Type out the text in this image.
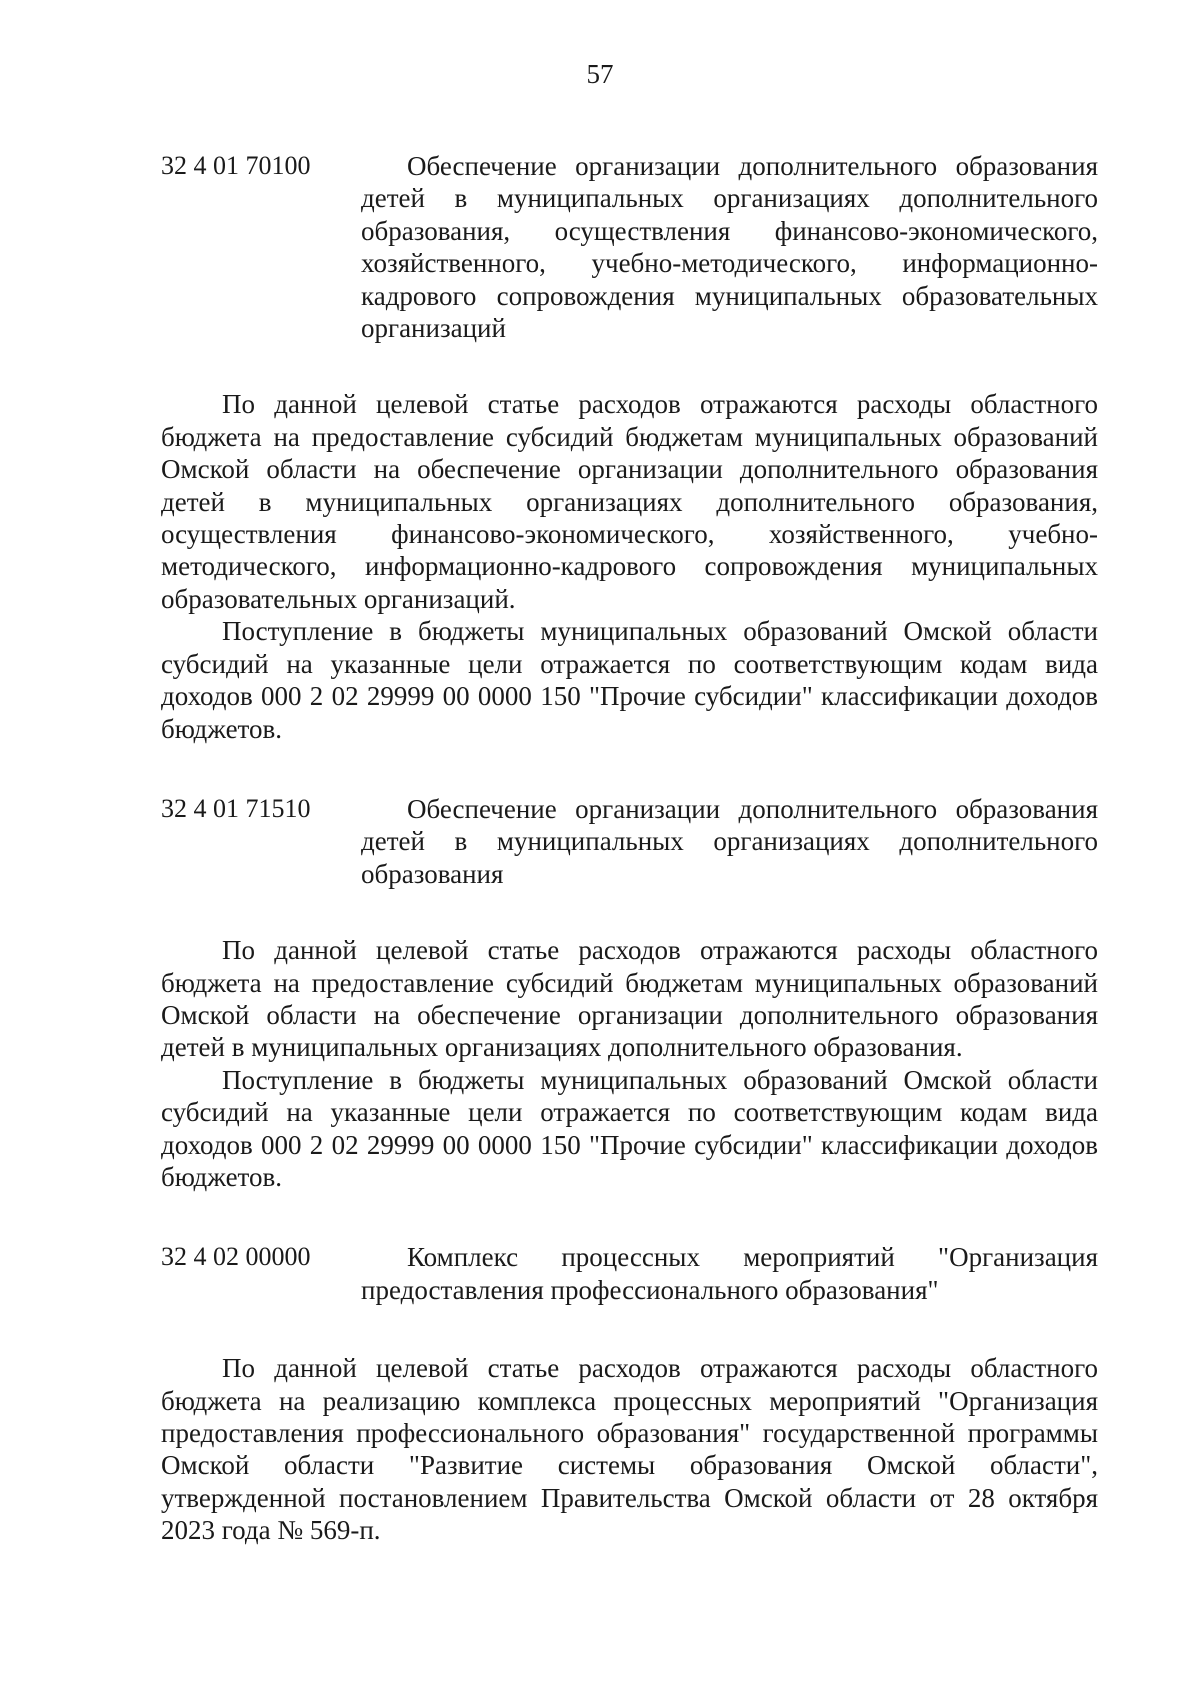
57
32 4 01 70100	Обеспечение организации дополнительного образования детей в муниципальных организациях дополнительного образования, осуществления финансово-экономического, хозяйственного, учебно-методического, информационно-кадрового сопровождения муниципальных образовательных организаций

По данной целевой статье расходов отражаются расходы областного бюджета на предоставление субсидий бюджетам муниципальных образований Омской области на обеспечение организации дополнительного образования детей в муниципальных организациях дополнительного образования, осуществления финансово-экономического, хозяйственного, учебно-методического, информационно-кадрового сопровождения муниципальных образовательных организаций.

Поступление в бюджеты муниципальных образований Омской области субсидий на указанные цели отражается по соответствующим кодам вида доходов 000 2 02 29999 00 0000 150 "Прочие субсидии" классификации доходов бюджетов.

32 4 01 71510	Обеспечение организации дополнительного образования детей в муниципальных организациях дополнительного образования

По данной целевой статье расходов отражаются расходы областного бюджета на предоставление субсидий бюджетам муниципальных образований Омской области на обеспечение организации дополнительного образования детей в муниципальных организациях дополнительного образования.

Поступление в бюджеты муниципальных образований Омской области субсидий на указанные цели отражается по соответствующим кодам вида доходов 000 2 02 29999 00 0000 150 "Прочие субсидии" классификации доходов бюджетов.

32 4 02 00000	Комплекс процессных мероприятий "Организация предоставления профессионального образования"

По данной целевой статье расходов отражаются расходы областного бюджета на реализацию комплекса процессных мероприятий "Организация предоставления профессионального образования" государственной программы Омской области "Развитие системы образования Омской области", утвержденной постановлением Правительства Омской области от 28 октября 2023 года № 569-п.
